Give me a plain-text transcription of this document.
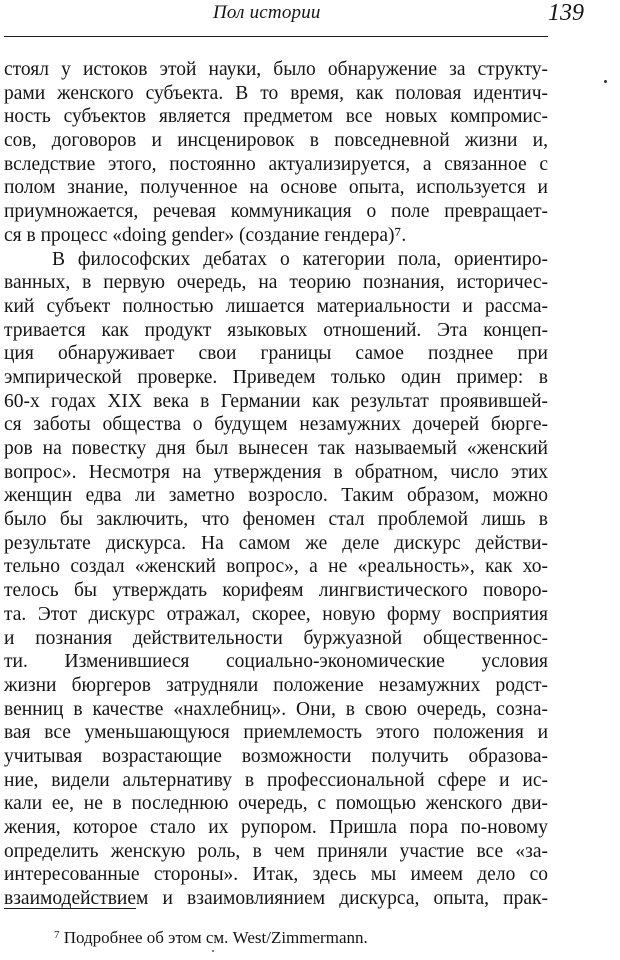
Пол истории	139
стоял у истоков этой науки, было обнаружение за структу-
рами женского субъекта. В то время, как половая идентич-
ность субъектов является предметом все новых компромис-
сов, договоров и инсценировок в повседневной жизни и,
вследствие этого, постоянно актуализируется, а связанное с
полом знание, полученное на основе опыта, используется и
приумножается, речевая коммуникация о поле превращает-
ся в процесс «doing gender» (создание гендера)⁷.
В философских дебатах о категории пола, ориентиро-
ванных, в первую очередь, на теорию познания, историчес-
кий субъект полностью лишается материальности и рассма-
тривается как продукт языковых отношений. Эта концеп-
ция обнаруживает свои границы самое позднее при
эмпирической проверке. Приведем только один пример: в
60-х годах XIX века в Германии как результат проявившей-
ся заботы общества о будущем незамужних дочерей бюрге-
ров на повестку дня был вынесен так называемый «женский
вопрос». Несмотря на утверждения в обратном, число этих
женщин едва ли заметно возросло. Таким образом, можно
было бы заключить, что феномен стал проблемой лишь в
результате дискурса. На самом же деле дискурс действи-
тельно создал «женский вопрос», а не «реальность», как хо-
телось бы утверждать корифеям лингвистического поворо-
та. Этот дискурс отражал, скорее, новую форму восприятия
и познания действительности буржуазной общественнос-
ти. Изменившиеся социально-экономические условия
жизни бюргеров затрудняли положение незамужних родст-
венниц в качестве «нахлебниц». Они, в свою очередь, созна-
вая все уменьшающуюся приемлемость этого положения и
учитывая возрастающие возможности получить образова-
ние, видели альтернативу в профессиональной сфере и ис-
кали ее, не в последнюю очередь, с помощью женского дви-
жения, которое стало их рупором. Пришла пора по-новому
определить женскую роль, в чем приняли участие все «за-
интересованные стороны». Итак, здесь мы имеем дело со
взаимодействием и взаимовлиянием дискурса, опыта, прак-
$^7$ Подробнее об этом см. West/Zimmermann.
